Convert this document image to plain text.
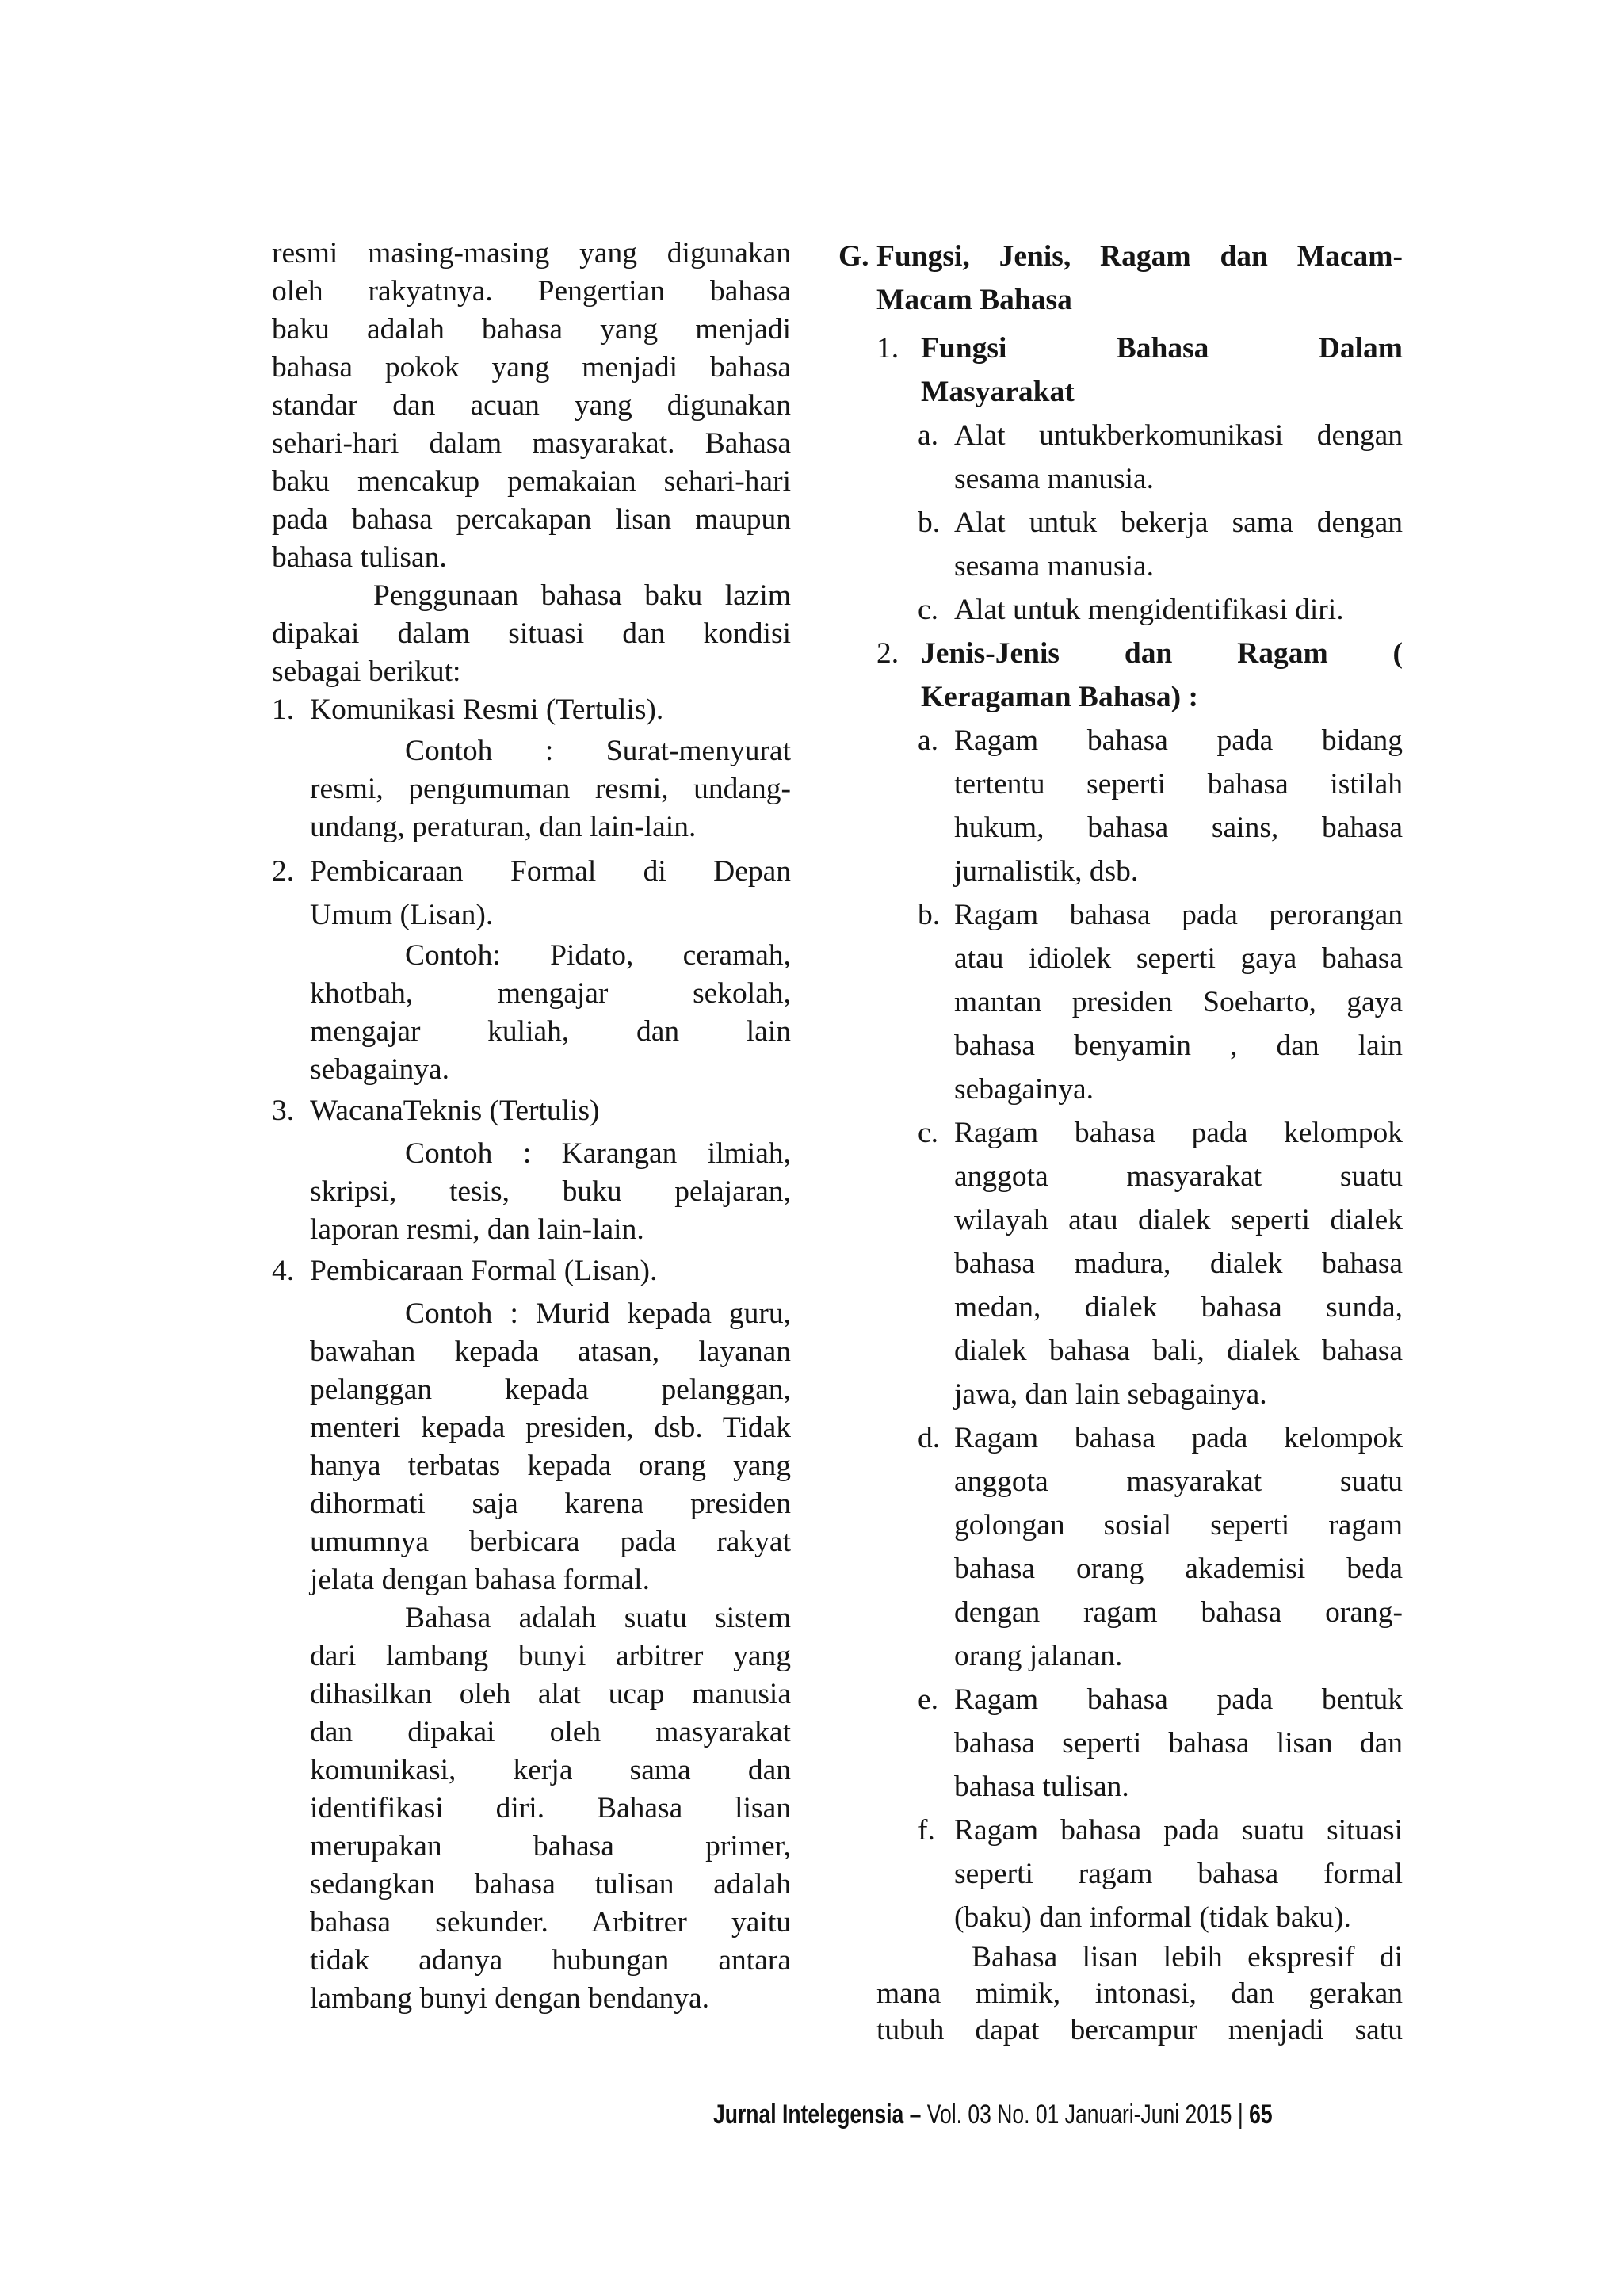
resmi masing-masing yang digunakan
oleh rakyatnya. Pengertian bahasa
baku adalah bahasa yang menjadi
bahasa pokok yang menjadi bahasa
standar dan acuan yang digunakan
sehari-hari dalam masyarakat. Bahasa
baku mencakup pemakaian sehari-hari
pada bahasa percakapan lisan maupun
bahasa tulisan.
Penggunaan bahasa baku lazim
dipakai dalam situasi dan kondisi
sebagai berikut:
1. Komunikasi Resmi (Tertulis).
Contoh : Surat-menyurat
resmi, pengumuman resmi, undang-
undang, peraturan, dan lain-lain.
2. Pembicaraan Formal di Depan
Umum (Lisan).
Contoh: Pidato, ceramah,
khotbah, mengajar sekolah,
mengajar kuliah, dan lain
sebagainya.
3. WacanaTeknis (Tertulis)
Contoh : Karangan ilmiah,
skripsi, tesis, buku pelajaran,
laporan resmi, dan lain-lain.
4. Pembicaraan Formal (Lisan).
Contoh : Murid kepada guru,
bawahan kepada atasan, layanan
pelanggan kepada pelanggan,
menteri kepada presiden, dsb. Tidak
hanya terbatas kepada orang yang
dihormati saja karena presiden
umumnya berbicara pada rakyat
jelata dengan bahasa formal.
Bahasa adalah suatu sistem
dari lambang bunyi arbitrer yang
dihasilkan oleh alat ucap manusia
dan dipakai oleh masyarakat
komunikasi, kerja sama dan
identifikasi diri. Bahasa lisan
merupakan bahasa primer,
sedangkan bahasa tulisan adalah
bahasa sekunder. Arbitrer yaitu
tidak adanya hubungan antara
lambang bunyi dengan bendanya.
G. Fungsi, Jenis, Ragam dan Macam-
Macam Bahasa
1. Fungsi Bahasa Dalam
Masyarakat
a. Alat untukberkomunikasi dengan
sesama manusia.
b. Alat untuk bekerja sama dengan
sesama manusia.
c. Alat untuk mengidentifikasi diri.
2. Jenis-Jenis dan Ragam (
Keragaman Bahasa) :
a. Ragam bahasa pada bidang
tertentu seperti bahasa istilah
hukum, bahasa sains, bahasa
jurnalistik, dsb.
b. Ragam bahasa pada perorangan
atau idiolek seperti gaya bahasa
mantan presiden Soeharto, gaya
bahasa benyamin , dan lain
sebagainya.
c. Ragam bahasa pada kelompok
anggota masyarakat suatu
wilayah atau dialek seperti dialek
bahasa madura, dialek bahasa
medan, dialek bahasa sunda,
dialek bahasa bali, dialek bahasa
jawa, dan lain sebagainya.
d. Ragam bahasa pada kelompok
anggota masyarakat suatu
golongan sosial seperti ragam
bahasa orang akademisi beda
dengan ragam bahasa orang-
orang jalanan.
e. Ragam bahasa pada bentuk
bahasa seperti bahasa lisan dan
bahasa tulisan.
f. Ragam bahasa pada suatu situasi
seperti ragam bahasa formal
(baku) dan informal (tidak baku).
Bahasa lisan lebih ekspresif di
mana mimik, intonasi, dan gerakan
tubuh dapat bercampur menjadi satu
Jurnal Intelegensia – Vol. 03 No. 01 Januari-Juni 2015 | 65
